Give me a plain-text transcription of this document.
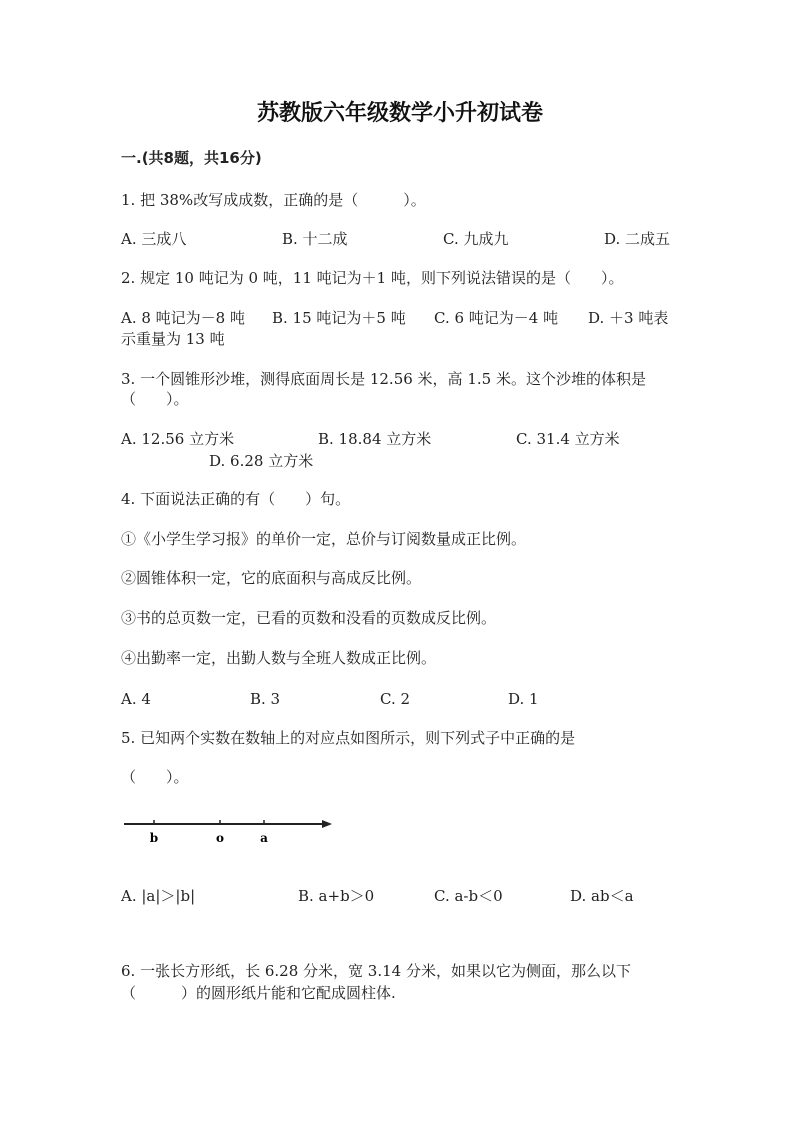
苏教版六年级数学小升初试卷
一.(共8题，共16分)
1. 把 38%改写成成数，正确的是（　　　）。
A. 三成八	B. 十二成	C. 九成九	D. 二成五
2. 规定 10 吨记为 0 吨，11 吨记为＋1 吨，则下列说法错误的是（　　）。
A. 8 吨记为－8 吨 B. 15 吨记为＋5 吨 C. 6 吨记为－4 吨 D. ＋3 吨表
示重量为 13 吨
3. 一个圆锥形沙堆，测得底面周长是 12.56 米，高 1.5 米。这个沙堆的体积是
（　　）。
A. 12.56 立方米	B. 18.84 立方米	C. 31.4 立方米
D. 6.28 立方米
4. 下面说法正确的有（　　）句。
①《小学生学习报》的单价一定，总价与订阅数量成正比例。
②圆锥体积一定，它的底面积与高成反比例。
③书的总页数一定，已看的页数和没看的页数成反比例。
④出勤率一定，出勤人数与全班人数成正比例。
A. 4	B. 3	C. 2	D. 1
5. 已知两个实数在数轴上的对应点如图所示，则下列式子中正确的是
（　　）。
b	o	a
A. |a|＞|b|	B. a+b＞0	C. a-b＜0	D. ab＜a
6. 一张长方形纸，长 6.28 分米，宽 3.14 分米，如果以它为侧面，那么以下
（　　　）的圆形纸片能和它配成圆柱体.
